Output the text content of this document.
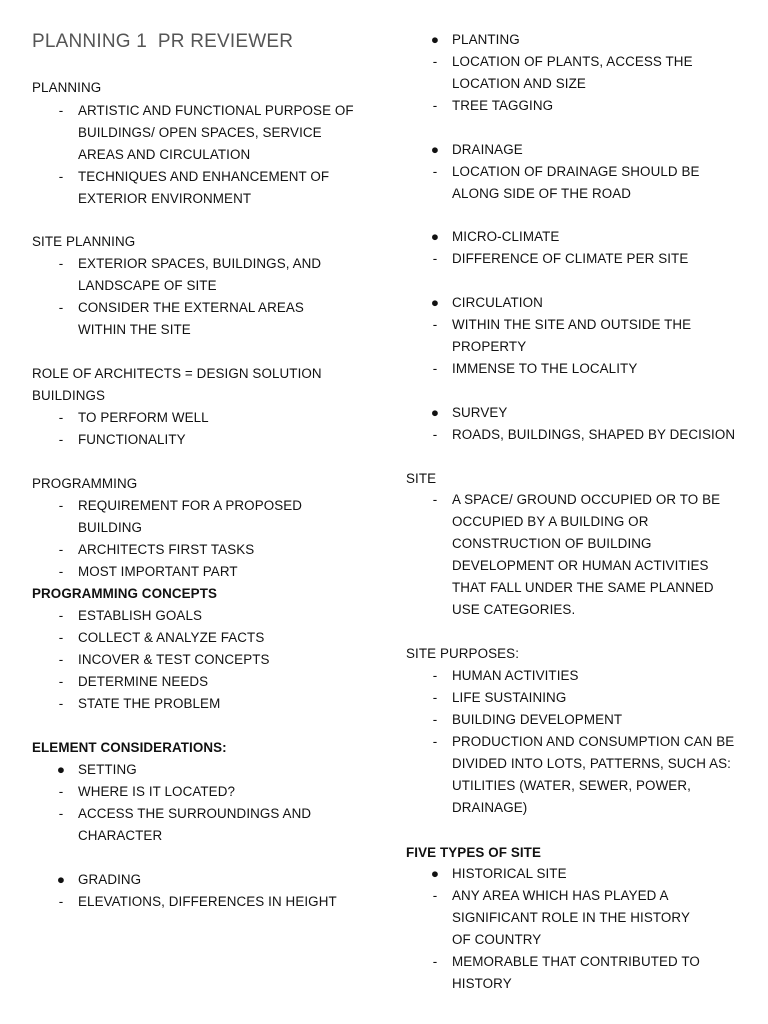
PLANNING 1  PR REVIEWER
PLANNING
-	ARTISTIC AND FUNCTIONAL PURPOSE OF BUILDINGS/ OPEN SPACES, SERVICE AREAS AND CIRCULATION
-	TECHNIQUES AND ENHANCEMENT OF EXTERIOR ENVIRONMENT
SITE PLANNING
-	EXTERIOR SPACES, BUILDINGS, AND LANDSCAPE OF SITE
-	CONSIDER THE EXTERNAL AREAS WITHIN THE SITE
ROLE OF ARCHITECTS = DESIGN SOLUTION
BUILDINGS
-	TO PERFORM WELL
-	FUNCTIONALITY
PROGRAMMING
-	REQUIREMENT FOR A PROPOSED BUILDING
-	ARCHITECTS FIRST TASKS
-	MOST IMPORTANT PART
PROGRAMMING CONCEPTS
-	ESTABLISH GOALS
-	COLLECT & ANALYZE FACTS
-	INCOVER & TEST CONCEPTS
-	DETERMINE NEEDS
-	STATE THE PROBLEM
ELEMENT CONSIDERATIONS:
● SETTING
-	WHERE IS IT LOCATED?
-	ACCESS THE SURROUNDINGS AND CHARACTER
● GRADING
-	ELEVATIONS, DIFFERENCES IN HEIGHT
● PLANTING
-	LOCATION OF PLANTS, ACCESS THE LOCATION AND SIZE
-	TREE TAGGING
● DRAINAGE
-	LOCATION OF DRAINAGE SHOULD BE ALONG SIDE OF THE ROAD
● MICRO-CLIMATE
-	DIFFERENCE OF CLIMATE PER SITE
● CIRCULATION
-	WITHIN THE SITE AND OUTSIDE THE PROPERTY
-	IMMENSE TO THE LOCALITY
● SURVEY
-	ROADS, BUILDINGS, SHAPED BY DECISION
SITE
-	A SPACE/ GROUND OCCUPIED OR TO BE OCCUPIED BY A BUILDING OR CONSTRUCTION OF BUILDING DEVELOPMENT OR HUMAN ACTIVITIES THAT FALL UNDER THE SAME PLANNED USE CATEGORIES.
SITE PURPOSES:
-	HUMAN ACTIVITIES
-	LIFE SUSTAINING
-	BUILDING DEVELOPMENT
-	PRODUCTION AND CONSUMPTION CAN BE DIVIDED INTO LOTS, PATTERNS, SUCH AS: UTILITIES (WATER, SEWER, POWER, DRAINAGE)
FIVE TYPES OF SITE
● HISTORICAL SITE
-	ANY AREA WHICH HAS PLAYED A SIGNIFICANT ROLE IN THE HISTORY OF COUNTRY
-	MEMORABLE THAT CONTRIBUTED TO HISTORY
